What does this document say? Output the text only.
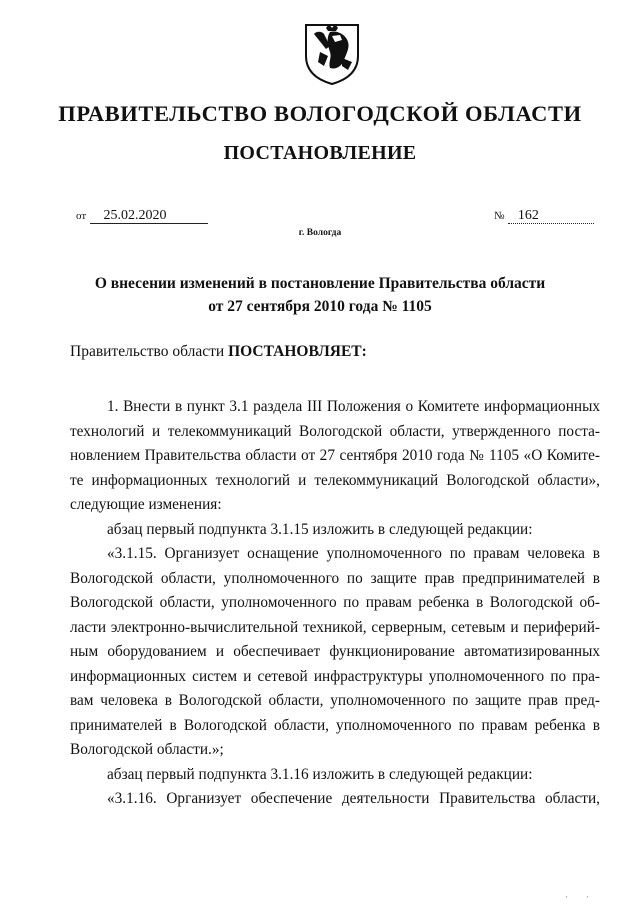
ПРАВИТЕЛЬСТВО ВОЛОГОДСКОЙ ОБЛАСТИ
ПОСТАНОВЛЕНИЕ
от 25.02.2020	№ 162
г. Вологда
О внесении изменений в постановление Правительства области
от 27 сентября 2010 года № 1105
Правительство области ПОСТАНОВЛЯЕТ:
1. Внести в пункт 3.1 раздела III Положения о Комитете информационных
технологий и телекоммуникаций Вологодской области, утвержденного поста-
новлением Правительства области от 27 сентября 2010 года № 1105 «О Комите-
те информационных технологий и телекоммуникаций Вологодской области»,
следующие изменения:
абзац первый подпункта 3.1.15 изложить в следующей редакции:
«3.1.15. Организует оснащение уполномоченного по правам человека в
Вологодской области, уполномоченного по защите прав предпринимателей в
Вологодской области, уполномоченного по правам ребенка в Вологодской об-
ласти электронно-вычислительной техникой, серверным, сетевым и периферий-
ным оборудованием и обеспечивает функционирование автоматизированных
информационных систем и сетевой инфраструктуры уполномоченного по пра-
вам человека в Вологодской области, уполномоченного по защите прав пред-
принимателей в Вологодской области, уполномоченного по правам ребенка в
Вологодской области.»;
абзац первый подпункта 3.1.16 изложить в следующей редакции:
«3.1.16. Организует обеспечение деятельности Правительства области,
' '
